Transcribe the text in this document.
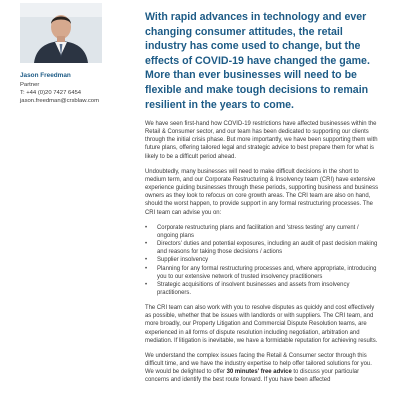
Jason Freedman

Partner

T: +44 (0)20 7427 6454

jason.freedman@crsblaw.com

With rapid advances in technology and ever changing consumer attitudes, the retail industry has come used to change, but the effects of COVID-19 have changed the game. More than ever businesses will need to be flexible and make tough decisions to remain resilient in the years to come.

We have seen first-hand how COVID-19 restrictions have affected businesses within the Retail & Consumer sector, and our team has been dedicated to supporting our clients through the initial crisis phase. But more importantly, we have been supporting them with future plans, offering tailored legal and strategic advice to best prepare them for what is likely to be a difficult period ahead.

Undoubtedly, many businesses will need to make difficult decisions in the short to medium term, and our Corporate Restructuring & Insolvency team (CRI) have extensive experience guiding businesses through these periods, supporting business and business owners as they look to refocus on core growth areas. The CRI team are also on hand, should the worst happen, to provide support in any formal restructuring processes. The CRI team can advise you on:

• Corporate restructuring plans and facilitation and 'stress testing' any current / ongoing plans
• Directors' duties and potential exposures, including an audit of past decision making and reasons for taking those decisions / actions
• Supplier insolvency
• Planning for any formal restructuring processes and, where appropriate, introducing you to our extensive network of trusted insolvency practitioners
• Strategic acquisitions of insolvent businesses and assets from insolvency practitioners.

The CRI team can also work with you to resolve disputes as quickly and cost effectively as possible, whether that be issues with landlords or with suppliers. The CRI team, and more broadly, our Property Litigation and Commercial Dispute Resolution teams, are experienced in all forms of dispute resolution including negotiation, arbitration and mediation. If litigation is inevitable, we have a formidable reputation for achieving results.

We understand the complex issues facing the Retail & Consumer sector through this difficult time, and we have the industry expertise to help offer tailored solutions for you. We would be delighted to offer 30 minutes' free advice to discuss your particular concerns and identify the best route forward. If you have been affected
